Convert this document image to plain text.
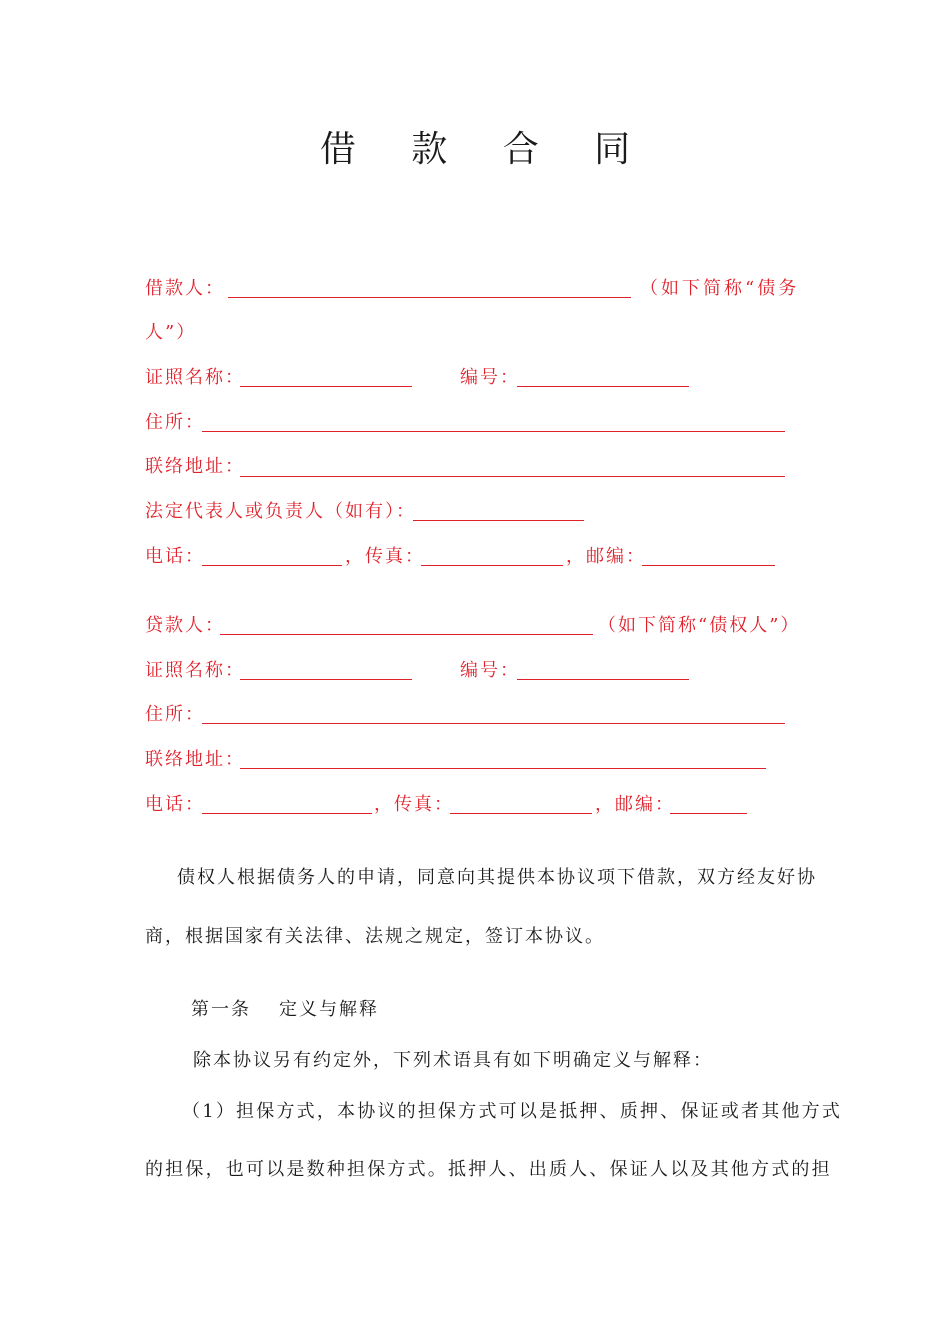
借 款 合 同
借款人：	（如下简称“债务
人”）
证照名称：	编号：
住所：
联络地址：
法定代表人或负责人（如有）：
电话：	，传真：	，邮编：
贷款人：	（如下简称“债权人”）
证照名称：	编号：
住所：
联络地址：
电话：	，传真：	，邮编：
债权人根据债务人的申请，同意向其提供本协议项下借款，双方经友好协
商，根据国家有关法律、法规之规定，签订本协议。
第一条 定义与解释
除本协议另有约定外，下列术语具有如下明确定义与解释：
（1）担保方式，本协议的担保方式可以是抵押、质押、保证或者其他方式
的担保，也可以是数种担保方式。抵押人、出质人、保证人以及其他方式的担
